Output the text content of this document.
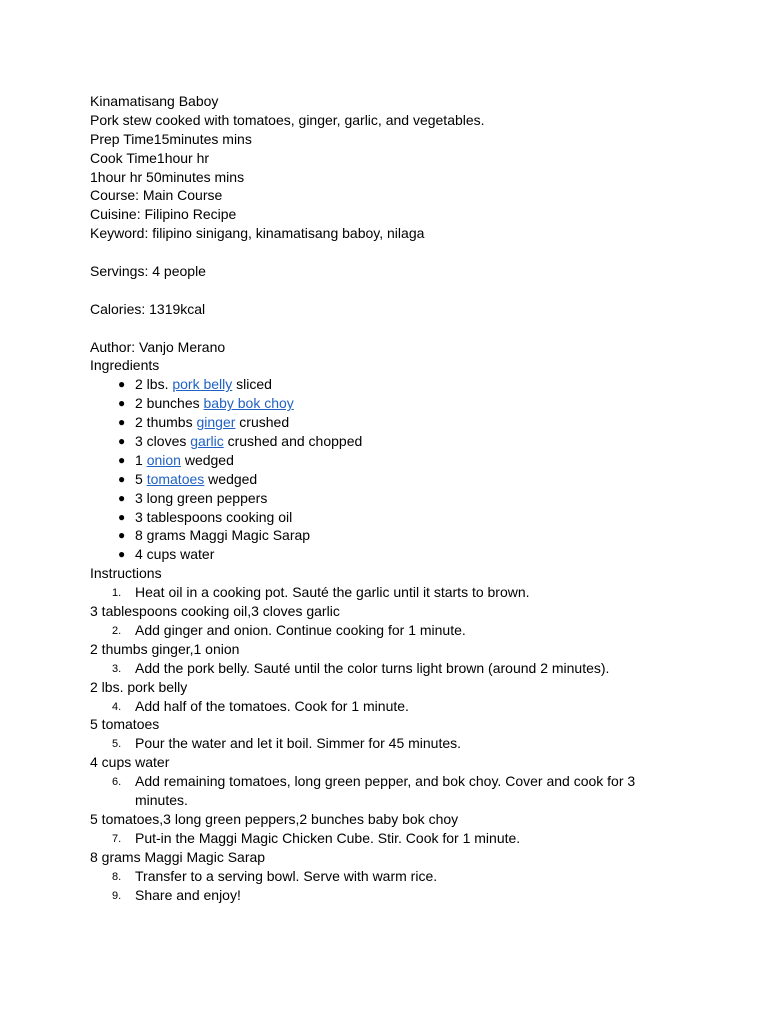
Kinamatisang Baboy
Pork stew cooked with tomatoes, ginger, garlic, and vegetables.
Prep Time15minutes mins
Cook Time1hour hr
1hour hr 50minutes mins
Course: Main Course
Cuisine: Filipino Recipe
Keyword: filipino sinigang, kinamatisang baboy, nilaga
Servings: 4 people
Calories: 1319kcal
Author: Vanjo Merano
Ingredients
● 2 lbs. pork belly sliced
● 2 bunches baby bok choy
● 2 thumbs ginger crushed
● 3 cloves garlic crushed and chopped
● 1 onion wedged
● 5 tomatoes wedged
● 3 long green peppers
● 3 tablespoons cooking oil
● 8 grams Maggi Magic Sarap
● 4 cups water
Instructions
1. Heat oil in a cooking pot. Sauté the garlic until it starts to brown.
3 tablespoons cooking oil,3 cloves garlic
2. Add ginger and onion. Continue cooking for 1 minute.
2 thumbs ginger,1 onion
3. Add the pork belly. Sauté until the color turns light brown (around 2 minutes).
2 lbs. pork belly
4. Add half of the tomatoes. Cook for 1 minute.
5 tomatoes
5. Pour the water and let it boil. Simmer for 45 minutes.
4 cups water
6. Add remaining tomatoes, long green pepper, and bok choy. Cover and cook for 3 minutes.
5 tomatoes,3 long green peppers,2 bunches baby bok choy
7. Put-in the Maggi Magic Chicken Cube. Stir. Cook for 1 minute.
8 grams Maggi Magic Sarap
8. Transfer to a serving bowl. Serve with warm rice.
9. Share and enjoy!
